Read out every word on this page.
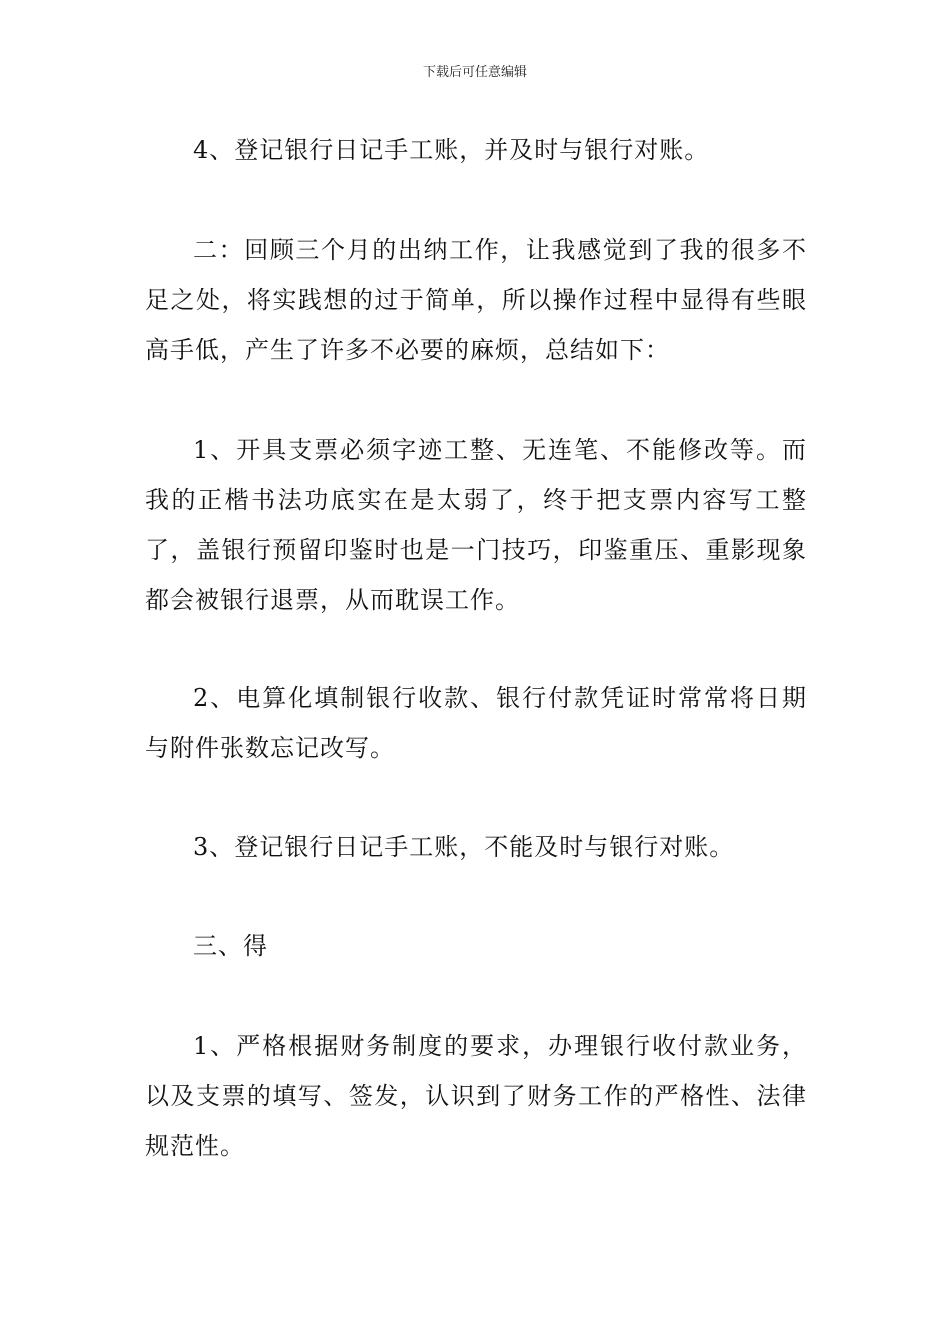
下载后可任意编辑

4、登记银行日记手工账，并及时与银行对账。

二：回顾三个月的出纳工作，让我感觉到了我的很多不足之处，将实践想的过于简单，所以操作过程中显得有些眼高手低，产生了许多不必要的麻烦，总结如下：

1、开具支票必须字迹工整、无连笔、不能修改等。而我的正楷书法功底实在是太弱了，终于把支票内容写工整了，盖银行预留印鉴时也是一门技巧，印鉴重压、重影现象都会被银行退票，从而耽误工作。

2、电算化填制银行收款、银行付款凭证时常常将日期与附件张数忘记改写。

3、登记银行日记手工账，不能及时与银行对账。

三、得

1、严格根据财务制度的要求，办理银行收付款业务，以及支票的填写、签发，认识到了财务工作的严格性、法律规范性。
